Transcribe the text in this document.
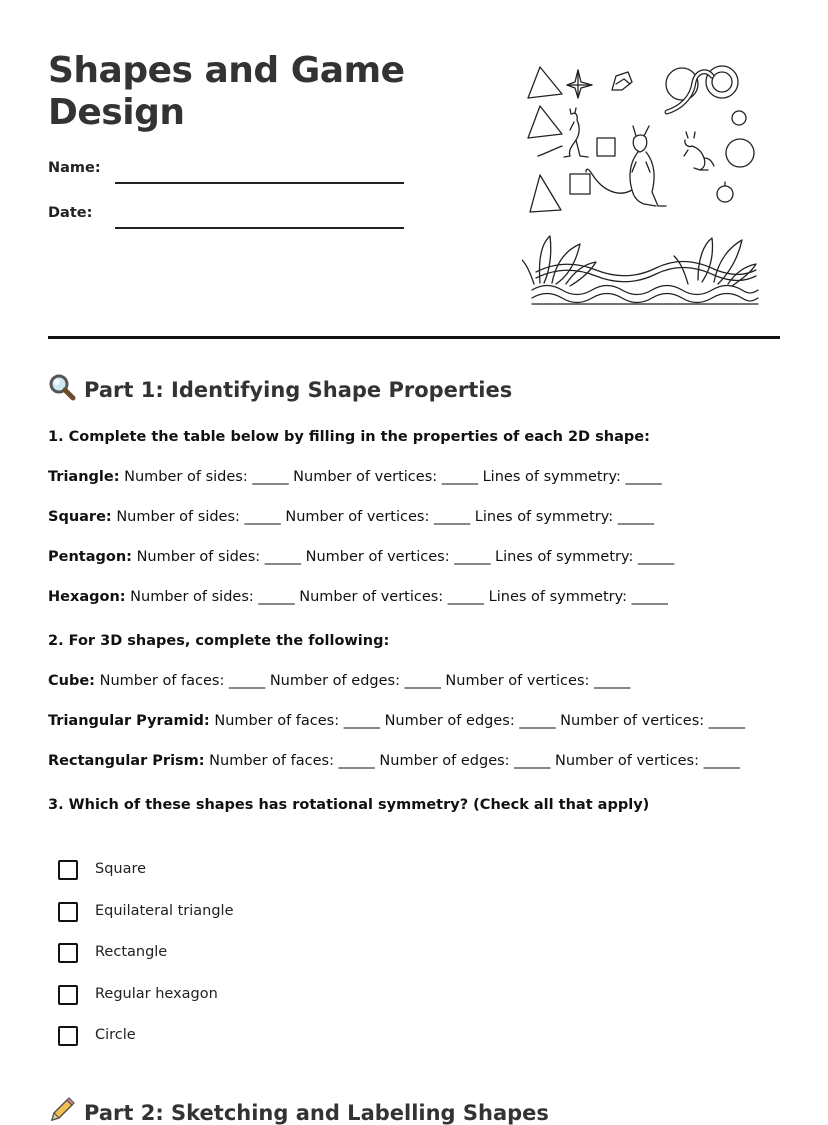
Shapes and Game Design
Name:
Date:
Part 1: Identifying Shape Properties
1. Complete the table below by filling in the properties of each 2D shape:
Triangle: Number of sides: _____ Number of vertices: _____ Lines of symmetry: _____
Square: Number of sides: _____ Number of vertices: _____ Lines of symmetry: _____
Pentagon: Number of sides: _____ Number of vertices: _____ Lines of symmetry: _____
Hexagon: Number of sides: _____ Number of vertices: _____ Lines of symmetry: _____
2. For 3D shapes, complete the following:
Cube: Number of faces: _____ Number of edges: _____ Number of vertices: _____
Triangular Pyramid: Number of faces: _____ Number of edges: _____ Number of vertices: _____
Rectangular Prism: Number of faces: _____ Number of edges: _____ Number of vertices: _____
3. Which of these shapes has rotational symmetry? (Check all that apply)
Square
Equilateral triangle
Rectangle
Regular hexagon
Circle
Part 2: Sketching and Labelling Shapes
